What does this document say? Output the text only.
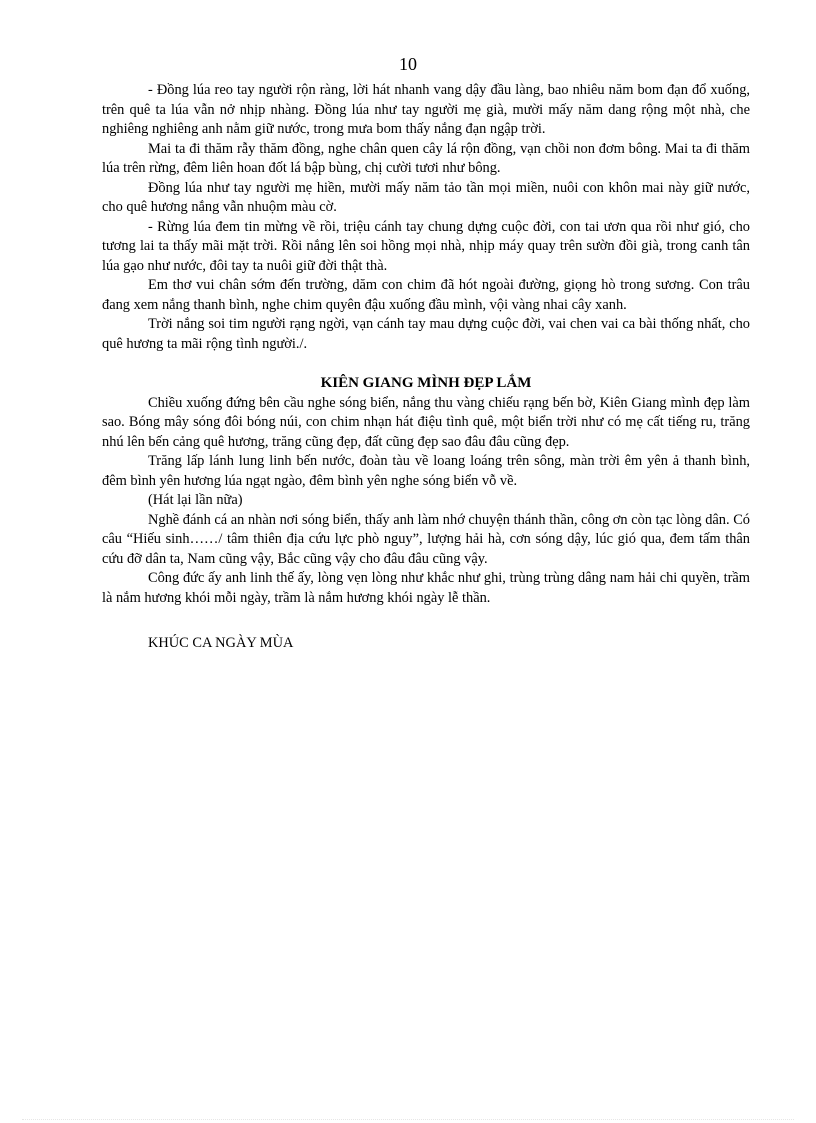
10

- Đồng lúa reo tay người rộn ràng, lời hát nhanh vang dậy đầu làng, bao nhiêu năm bom đạn đổ xuống, trên quê ta lúa vẫn nở nhịp nhàng. Đồng lúa như tay người mẹ già, mười mấy năm dang rộng một nhà, che nghiêng nghiêng anh nằm giữ nước, trong mưa bom thấy nắng đạn ngập trời.

Mai ta đi thăm rẫy thăm đồng, nghe chân quen cây lá rộn đồng, vạn chồi non đơm bông. Mai ta đi thăm lúa trên rừng, đêm liên hoan đốt lá bập bùng, chị cười tươi như bông.

Đồng lúa như tay người mẹ hiền, mười mấy năm tảo tần mọi miền, nuôi con khôn mai này giữ nước, cho quê hương nắng vẫn nhuộm màu cờ.

- Rừng lúa đem tin mừng về rồi, triệu cánh tay chung dựng cuộc đời, con tai ươn qua rồi như gió, cho tương lai ta thấy mãi mặt trời. Rồi nắng lên soi hồng mọi nhà, nhịp máy quay trên sườn đồi già, trong canh tân lúa gạo như nước, đôi tay ta nuôi giữ đời thật thà.

Em thơ vui chân sớm đến trường, dăm con chim đã hót ngoài đường, giọng hò trong sương. Con trâu đang xem nắng thanh bình, nghe chim quyên đậu xuống đầu mình, vội vàng nhai cây xanh.

Trời nắng soi tim người rạng ngời, vạn cánh tay mau dựng cuộc đời, vai chen vai ca bài thống nhất, cho quê hương ta mãi rộng tình người./.

KIÊN GIANG MÌNH ĐẸP LẮM

Chiều xuống đứng bên cầu nghe sóng biển, nắng thu vàng chiếu rạng bến bờ, Kiên Giang mình đẹp làm sao. Bóng mây sóng đôi bóng núi, con chim nhạn hát điệu tình quê, một biển trời như có mẹ cất tiếng ru, trăng nhú lên bến cảng quê hương, trăng cũng đẹp, đất cũng đẹp sao đâu đâu cũng đẹp.

Trăng lấp lánh lung linh bến nước, đoàn tàu về loang loáng trên sông, màn trời êm yên ả thanh bình, đêm bình yên hương lúa ngạt ngào, đêm bình yên nghe sóng biển vỗ về.

(Hát lại lần nữa)

Nghề đánh cá an nhàn nơi sóng biển, thấy anh làm nhớ chuyện thánh thần, công ơn còn tạc lòng dân. Có câu “Hiếu sinh……/ tâm thiên địa cứu lực phò nguy”, lượng hải hà, cơn sóng dậy, lúc gió qua, đem tấm thân cứu đỡ dân ta, Nam cũng vậy, Bắc cũng vậy cho đâu đâu cũng vậy.

Công đức ấy anh linh thế ấy, lòng vẹn lòng như khắc như ghi, trùng trùng dâng nam hải chi quyền, trầm là nắm hương khói mỗi ngày, trầm là nắm hương khói ngày lễ thần.

KHÚC CA NGÀY MÙA
